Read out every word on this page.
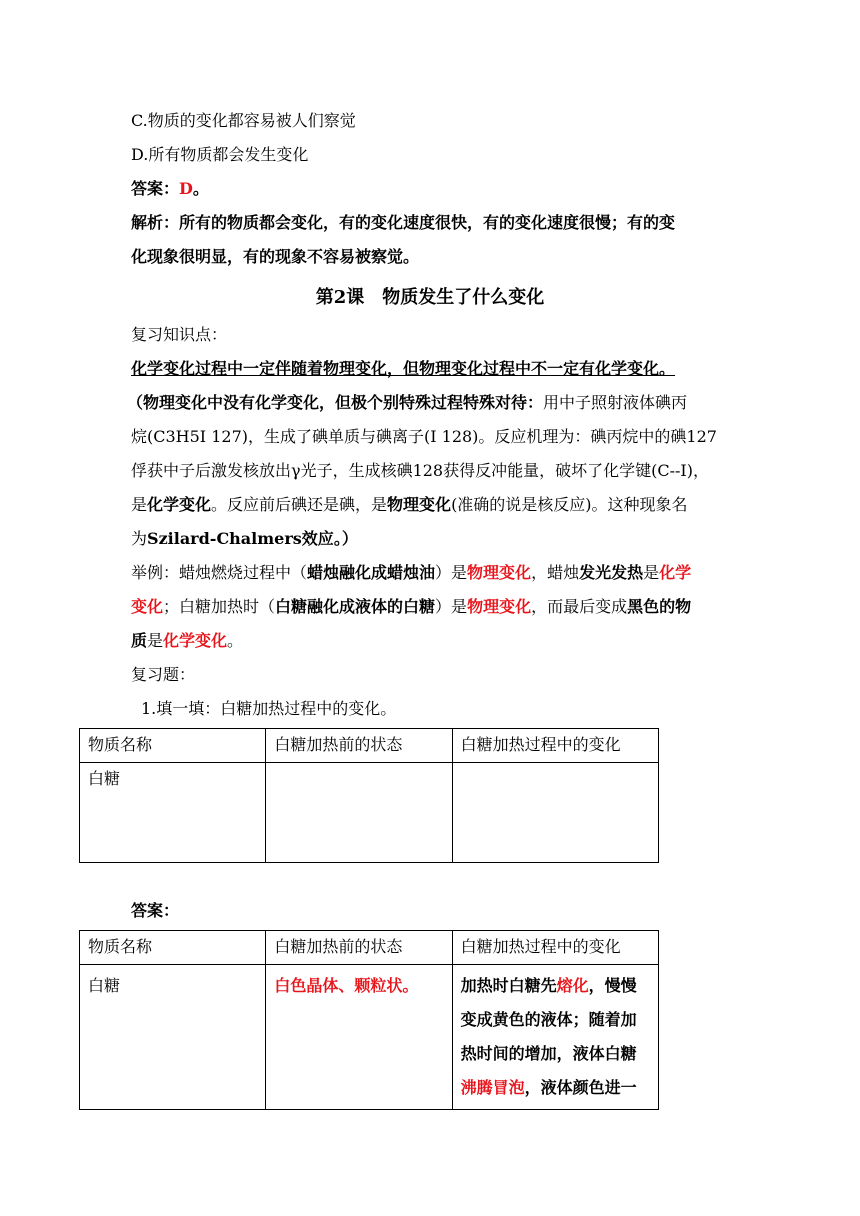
C.物质的变化都容易被人们察觉
D.所有物质都会发生变化
答案：D。
解析：所有的物质都会变化，有的变化速度很快，有的变化速度很慢；有的变
化现象很明显，有的现象不容易被察觉。
第2课　物质发生了什么变化
复习知识点：
化学变化过程中一定伴随着物理变化，但物理变化过程中不一定有化学变化。
（物理变化中没有化学变化，但极个别特殊过程特殊对待：用中子照射液体碘丙
烷(C3H5I 127)，生成了碘单质与碘离子(I 128)。反应机理为：碘丙烷中的碘127
俘获中子后激发核放出γ光子，生成核碘128获得反冲能量，破坏了化学键(C--I)，
是化学变化。反应前后碘还是碘，是物理变化(准确的说是核反应)。这种现象名
为Szilard-Chalmers效应。）
举例：蜡烛燃烧过程中（蜡烛融化成蜡烛油）是物理变化，蜡烛发光发热是化学
变化；白糖加热时（白糖融化成液体的白糖）是物理变化，而最后变成黑色的物
质是化学变化。
复习题：
1.填一填：白糖加热过程中的变化。
物质名称	白糖加热前的状态	白糖加热过程中的变化
白糖		
答案：
物质名称	白糖加热前的状态	白糖加热过程中的变化
白糖	白色晶体、颗粒状。	加热时白糖先熔化，慢慢
变成黄色的液体；随着加
热时间的增加，液体白糖
沸腾冒泡，液体颜色进一
